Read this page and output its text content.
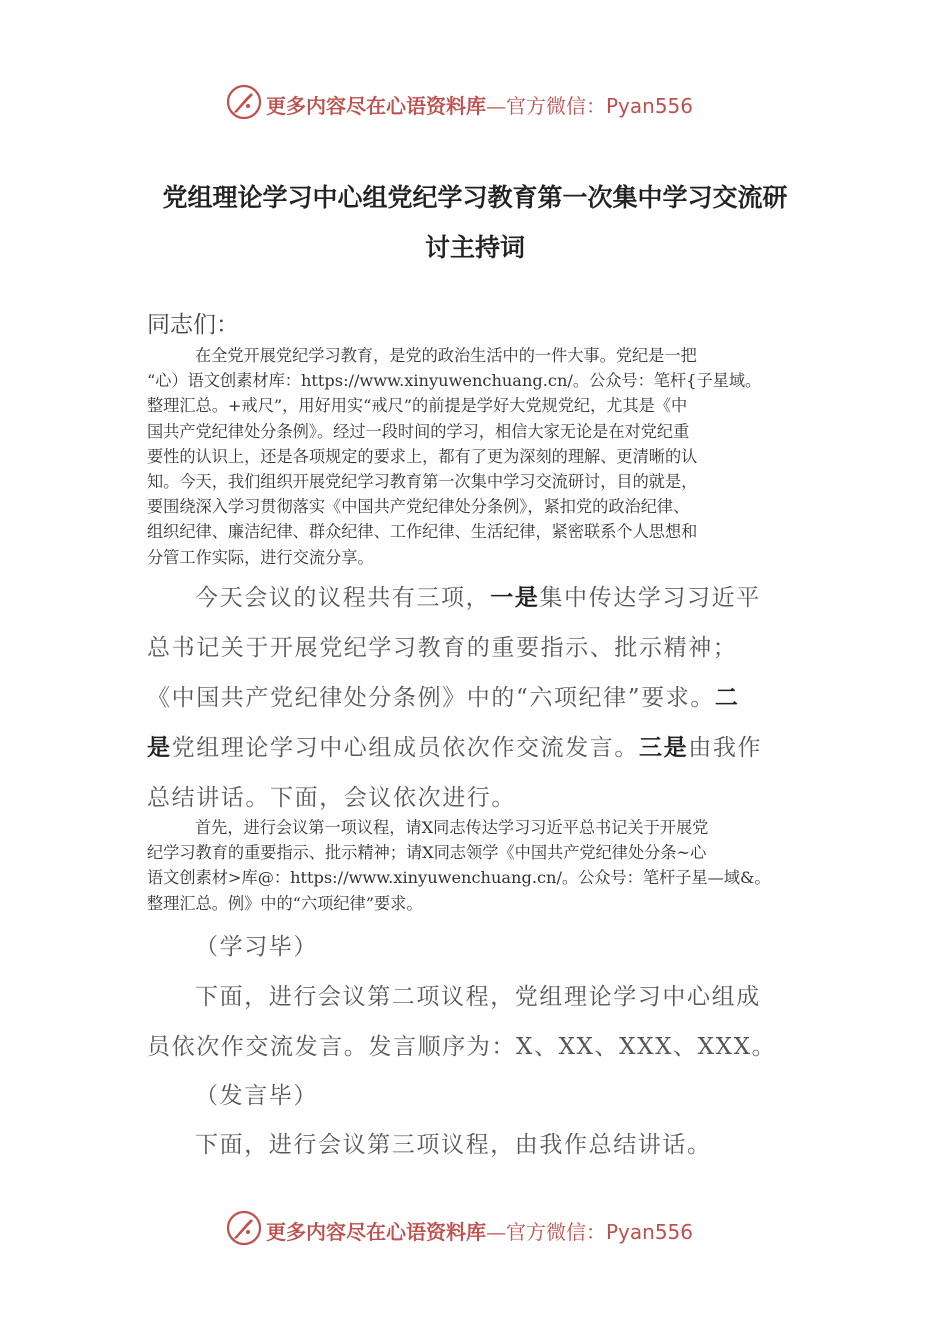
更多内容尽在心语资料库—官方微信：Pyan556
党组理论学习中心组党纪学习教育第一次集中学习交流研
讨主持词
同志们：
在全党开展党纪学习教育，是党的政治生活中的一件大事。党纪是一把
“心）语文创素材库：https://www.xinyuwenchuang.cn/。公众号：笔杆{子星域。
整理汇总。+戒尺”，用好用实“戒尺”的前提是学好大党规党纪，尤其是《中
国共产党纪律处分条例》。经过一段时间的学习，相信大家无论是在对党纪重
要性的认识上，还是各项规定的要求上，都有了更为深刻的理解、更清晰的认
知。今天，我们组织开展党纪学习教育第一次集中学习交流研讨，目的就是，
要围绕深入学习贯彻落实《中国共产党纪律处分条例》，紧扣党的政治纪律、
组织纪律、廉洁纪律、群众纪律、工作纪律、生活纪律，紧密联系个人思想和
分管工作实际，进行交流分享。
今天会议的议程共有三项，一是集中传达学习习近平
总书记关于开展党纪学习教育的重要指示、批示精神；
《中国共产党纪律处分条例》中的“六项纪律”要求。二
是党组理论学习中心组成员依次作交流发言。三是由我作
总结讲话。下面，会议依次进行。
首先，进行会议第一项议程，请X同志传达学习习近平总书记关于开展党
纪学习教育的重要指示、批示精神；请X同志领学《中国共产党纪律处分条~心
语文创素材>库@：https://www.xinyuwenchuang.cn/。公众号：笔杆子星—域&。
整理汇总。例》中的“六项纪律”要求。
（学习毕）
下面，进行会议第二项议程，党组理论学习中心组成
员依次作交流发言。发言顺序为：X、XX、XXX、XXX。
（发言毕）
下面，进行会议第三项议程，由我作总结讲话。
更多内容尽在心语资料库—官方微信：Pyan556
